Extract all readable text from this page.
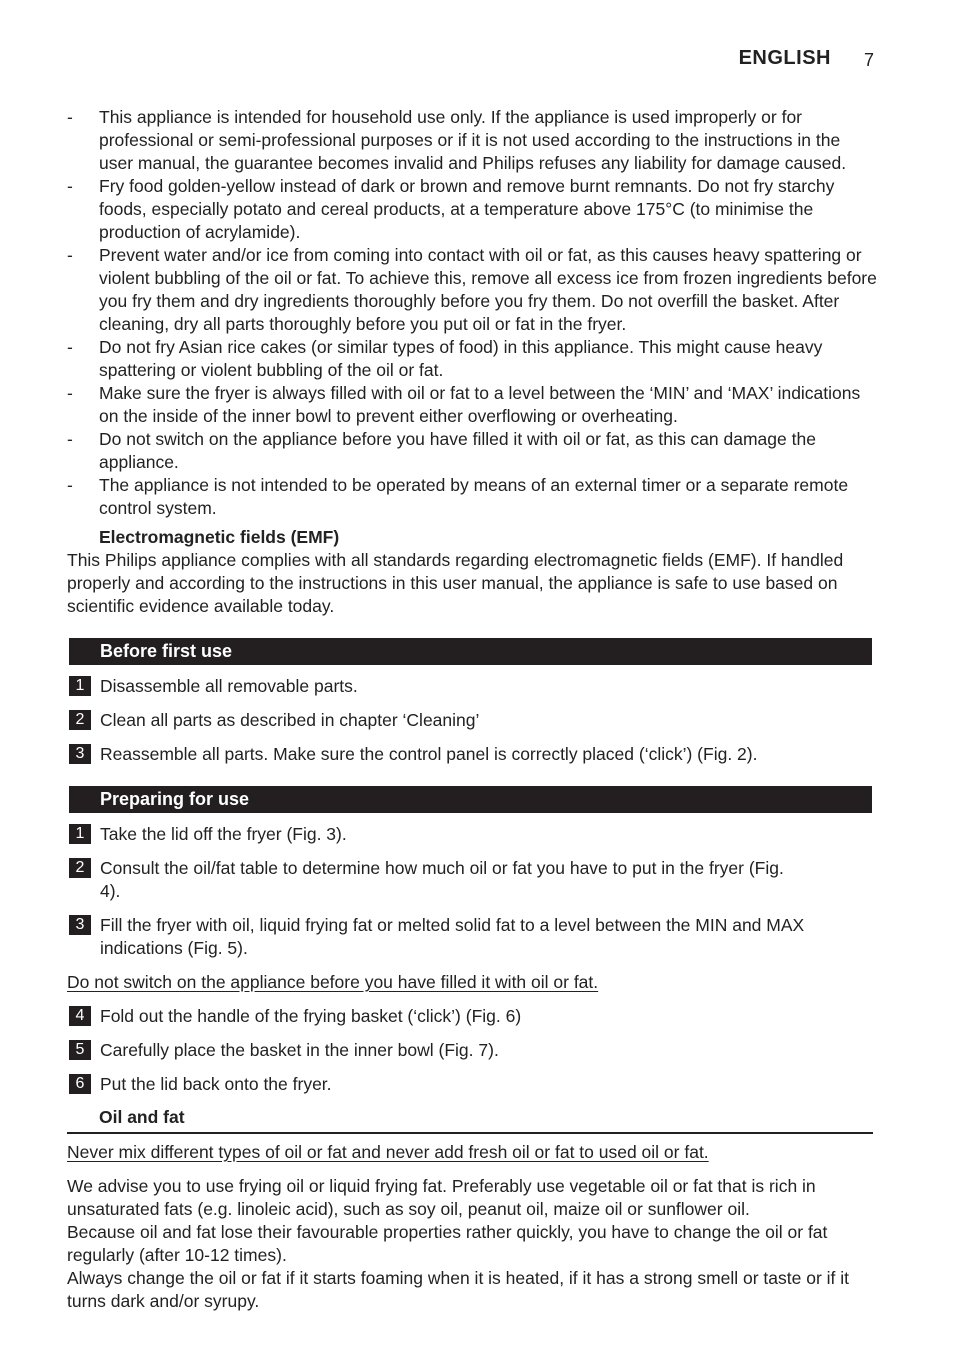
ENGLISH 7
- This appliance is intended for household use only. If the appliance is used improperly or for professional or semi-professional purposes or if it is not used according to the instructions in the user manual, the guarantee becomes invalid and Philips refuses any liability for damage caused.
- Fry food golden-yellow instead of dark or brown and remove burnt remnants. Do not fry starchy foods, especially potato and cereal products, at a temperature above 175°C (to minimise the production of acrylamide).
- Prevent water and/or ice from coming into contact with oil or fat, as this causes heavy spattering or violent bubbling of the oil or fat. To achieve this, remove all excess ice from frozen ingredients before you fry them and dry ingredients thoroughly before you fry them. Do not overfill the basket. After cleaning, dry all parts thoroughly before you put oil or fat in the fryer.
- Do not fry Asian rice cakes (or similar types of food) in this appliance. This might cause heavy spattering or violent bubbling of the oil or fat.
- Make sure the fryer is always filled with oil or fat to a level between the ‘MIN’ and ‘MAX’ indications on the inside of the inner bowl to prevent either overflowing or overheating.
- Do not switch on the appliance before you have filled it with oil or fat, as this can damage the appliance.
- The appliance is not intended to be operated by means of an external timer or a separate remote control system.
Electromagnetic fields (EMF)
This Philips appliance complies with all standards regarding electromagnetic fields (EMF). If handled properly and according to the instructions in this user manual, the appliance is safe to use based on scientific evidence available today.
Before first use
1 Disassemble all removable parts.
2 Clean all parts as described in chapter ‘Cleaning’
3 Reassemble all parts. Make sure the control panel is correctly placed (‘click’) (Fig. 2).
Preparing for use
1 Take the lid off the fryer (Fig. 3).
2 Consult the oil/fat table to determine how much oil or fat you have to put in the fryer (Fig. 4).
3 Fill the fryer with oil, liquid frying fat or melted solid fat to a level between the MIN and MAX indications (Fig. 5).
Do not switch on the appliance before you have filled it with oil or fat.
4 Fold out the handle of the frying basket (‘click’) (Fig. 6)
5 Carefully place the basket in the inner bowl (Fig. 7).
6 Put the lid back onto the fryer.
Oil and fat
Never mix different types of oil or fat and never add fresh oil or fat to used oil or fat.
We advise you to use frying oil or liquid frying fat. Preferably use vegetable oil or fat that is rich in unsaturated fats (e.g. linoleic acid), such as soy oil, peanut oil, maize oil or sunflower oil.
Because oil and fat lose their favourable properties rather quickly, you have to change the oil or fat regularly (after 10-12 times).
Always change the oil or fat if it starts foaming when it is heated, if it has a strong smell or taste or if it turns dark and/or syrupy.
